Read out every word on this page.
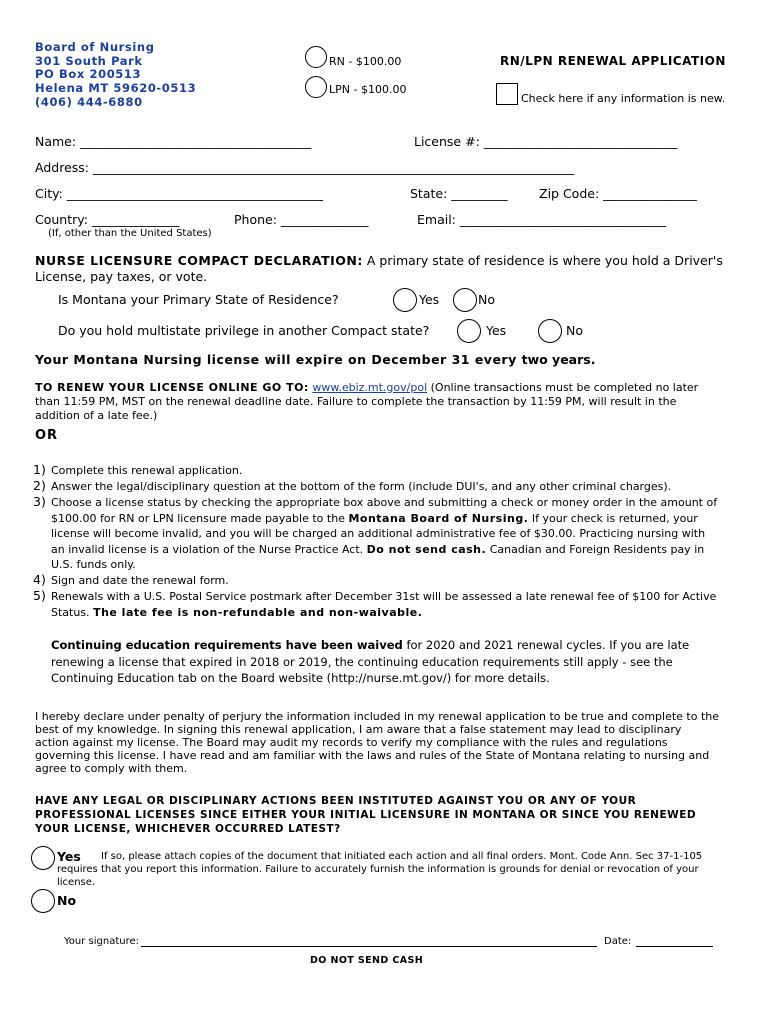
Board of Nursing
301 South Park
PO Box 200513
Helena MT 59620-0513
(406) 444-6880
RN - $100.00
LPN - $100.00
RN/LPN RENEWAL APPLICATION
Check here if any information is new.
Name: _____________________________________	License #: _______________________________
Address: _____________________________________________________________________________
City: _________________________________________	State: _________	Zip Code: _______________
Country: ______________	Phone: ______________	Email: _________________________________
(If, other than the United States)
NURSE LICENSURE COMPACT DECLARATION: A primary state of residence is where you hold a Driver's
License, pay taxes, or vote.
Is Montana your Primary State of Residence?	Yes	No
Do you hold multistate privilege in another Compact state?	Yes	No
Your Montana Nursing license will expire on December 31 every two years.
TO RENEW YOUR LICENSE ONLINE GO TO: www.ebiz.mt.gov/pol (Online transactions must be completed no later
than 11:59 PM, MST on the renewal deadline date. Failure to complete the transaction by 11:59 PM, will result in the
addition of a late fee.)
OR
1) Complete this renewal application.
2) Answer the legal/disciplinary question at the bottom of the form (include DUI's, and any other criminal charges).
3) Choose a license status by checking the appropriate box above and submitting a check or money order in the amount of
$100.00 for RN or LPN licensure made payable to the Montana Board of Nursing. If your check is returned, your
license will become invalid, and you will be charged an additional administrative fee of $30.00. Practicing nursing with
an invalid license is a violation of the Nurse Practice Act. Do not send cash. Canadian and Foreign Residents pay in
U.S. funds only.
4) Sign and date the renewal form.
5) Renewals with a U.S. Postal Service postmark after December 31st will be assessed a late renewal fee of $100 for Active
Status. The late fee is non-refundable and non-waivable.
Continuing education requirements have been waived for 2020 and 2021 renewal cycles. If you are late
renewing a license that expired in 2018 or 2019, the continuing education requirements still apply - see the
Continuing Education tab on the Board website (http://nurse.mt.gov/) for more details.
I hereby declare under penalty of perjury the information included in my renewal application to be true and complete to the
best of my knowledge. In signing this renewal application, I am aware that a false statement may lead to disciplinary
action against my license. The Board may audit my records to verify my compliance with the rules and regulations
governing this license. I have read and am familiar with the laws and rules of the State of Montana relating to nursing and
agree to comply with them.
HAVE ANY LEGAL OR DISCIPLINARY ACTIONS BEEN INSTITUTED AGAINST YOU OR ANY OF YOUR
PROFESSIONAL LICENSES SINCE EITHER YOUR INITIAL LICENSURE IN MONTANA OR SINCE YOU RENEWED
YOUR LICENSE, WHICHEVER OCCURRED LATEST?
Yes If so, please attach copies of the document that initiated each action and all final orders. Mont. Code Ann. Sec 37-1-105
requires that you report this information. Failure to accurately furnish the information is grounds for denial or revocation of your
license.
No
Your signature:	Date:
DO NOT SEND CASH
